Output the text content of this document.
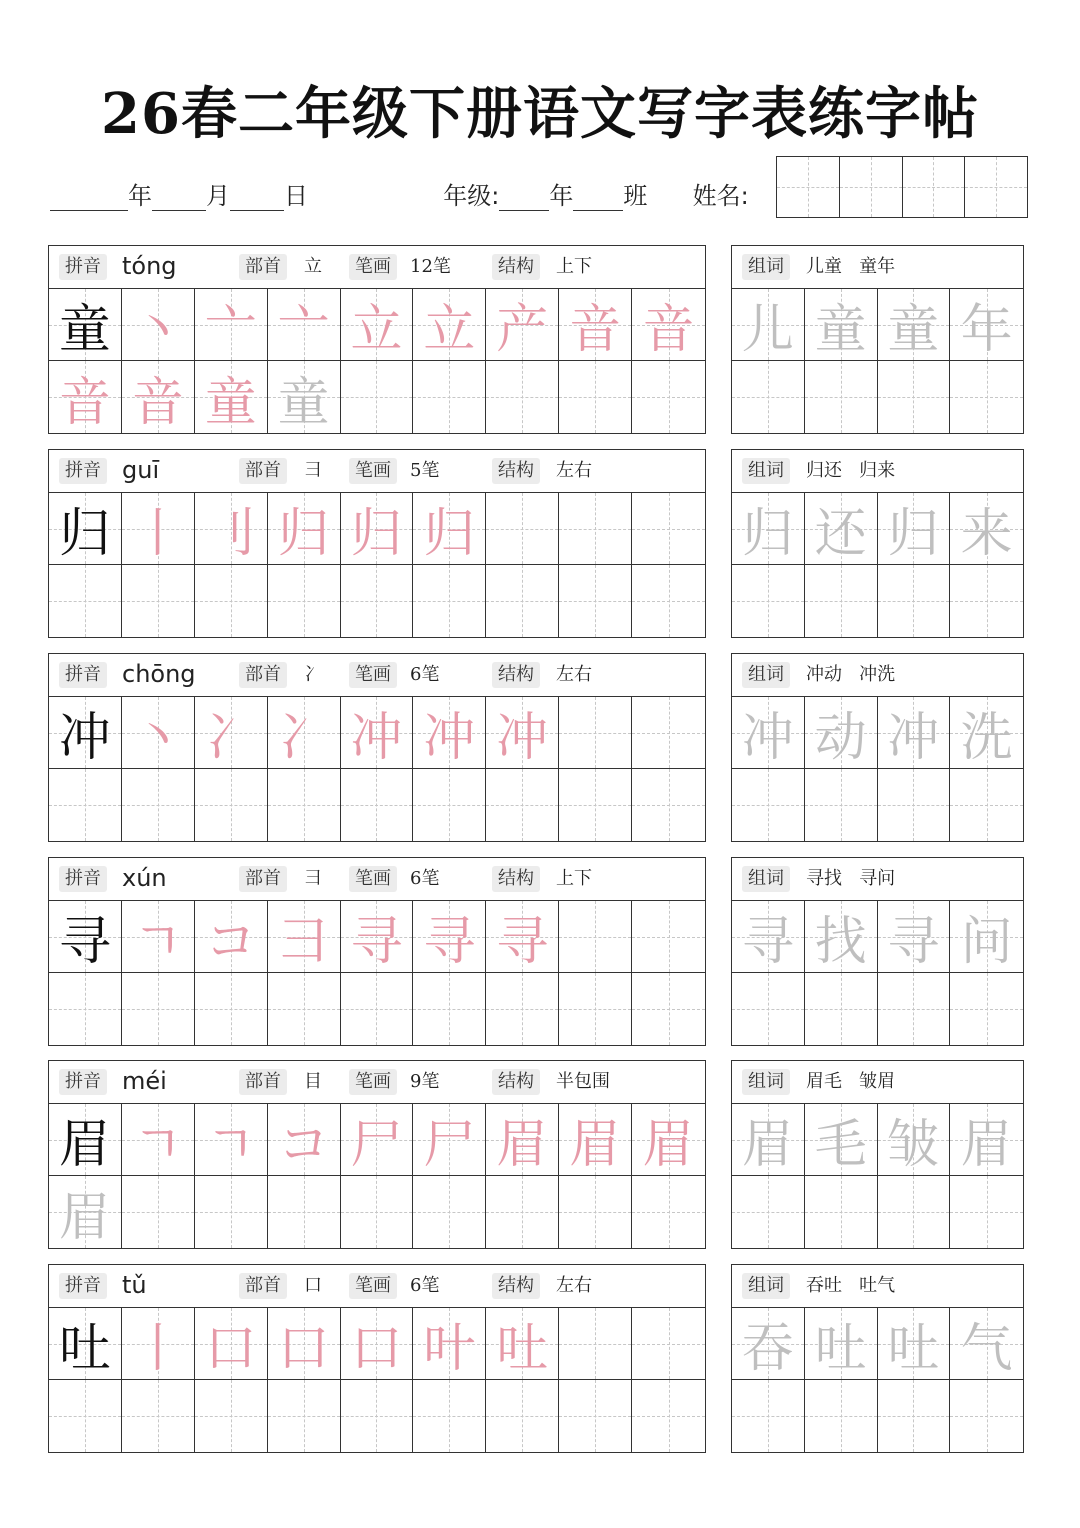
26春二年级下册语文写字表练字帖
年 月 日	年级: 年 班 姓名:
拼音 tóng	部首	立	笔画	12笔	结构	上下
童 丶 亠 亠 立 立 产 音 音
音 音 童 童
组词	儿童   童年
儿 童 童 年
拼音 guī	部首	彐	笔画	5笔	结构	左右
归 丨 刂 归 归 归
组词	归还   归来
归 还 归 来
拼音 chōng	部首	冫	笔画	6笔	结构	左右
冲 丶 冫 冫 冲 冲 冲
组词	冲动   冲洗
冲 动 冲 洗
拼音 xún	部首	彐	笔画	6笔	结构	上下
寻 ㄱ コ 彐 寻 寻 寻
组词	寻找   寻问
寻 找 寻 问
拼音 méi	部首	目	笔画	9笔	结构	半包围
眉 ㄱ ㄱ コ 尸 尸 眉 眉 眉
眉
组词	眉毛   皱眉
眉 毛 皱 眉
拼音 tǔ	部首	口	笔画	6笔	结构	左右
吐 丨 口 口 口 叶 吐
组词	吞吐   吐气
吞 吐 吐 气
